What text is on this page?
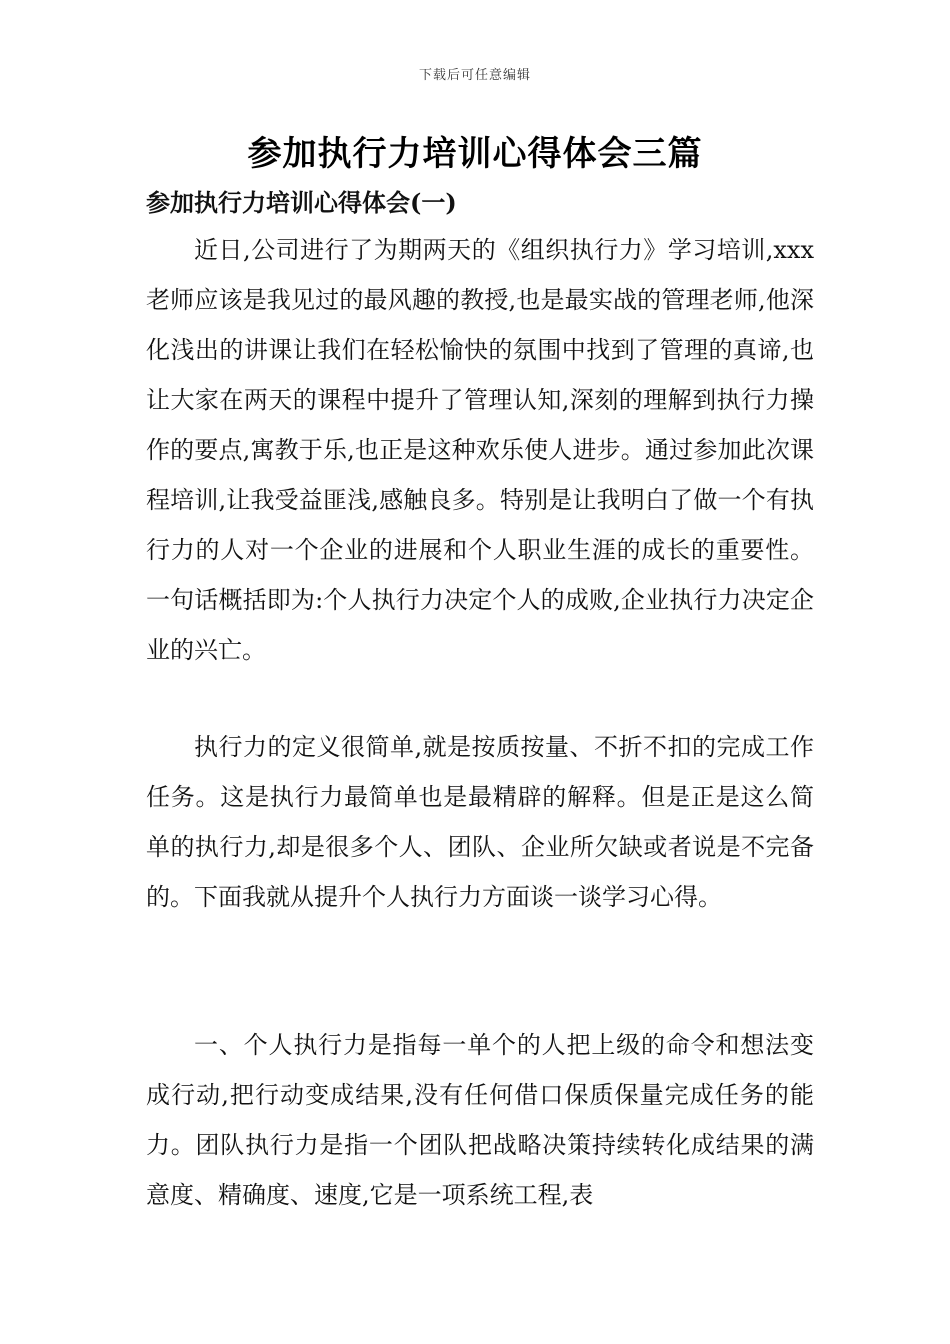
下载后可任意编辑
参加执行力培训心得体会三篇
参加执行力培训心得体会(一)

近日,公司进行了为期两天的《组织执行力》学习培训,xxx老师应该是我见过的最风趣的教授,也是最实战的管理老师,他深化浅出的讲课让我们在轻松愉快的氛围中找到了管理的真谛,也让大家在两天的课程中提升了管理认知,深刻的理解到执行力操作的要点,寓教于乐,也正是这种欢乐使人进步。通过参加此次课程培训,让我受益匪浅,感触良多。特别是让我明白了做一个有执行力的人对一个企业的进展和个人职业生涯的成长的重要性。一句话概括即为:个人执行力决定个人的成败,企业执行力决定企业的兴亡。

执行力的定义很简单,就是按质按量、不折不扣的完成工作任务。这是执行力最简单也是最精辟的解释。但是正是这么简单的执行力,却是很多个人、团队、企业所欠缺或者说是不完备的。下面我就从提升个人执行力方面谈一谈学习心得。

一、个人执行力是指每一单个的人把上级的命令和想法变成行动,把行动变成结果,没有任何借口保质保量完成任务的能力。团队执行力是指一个团队把战略决策持续转化成结果的满意度、精确度、速度,它是一项系统工程,表
